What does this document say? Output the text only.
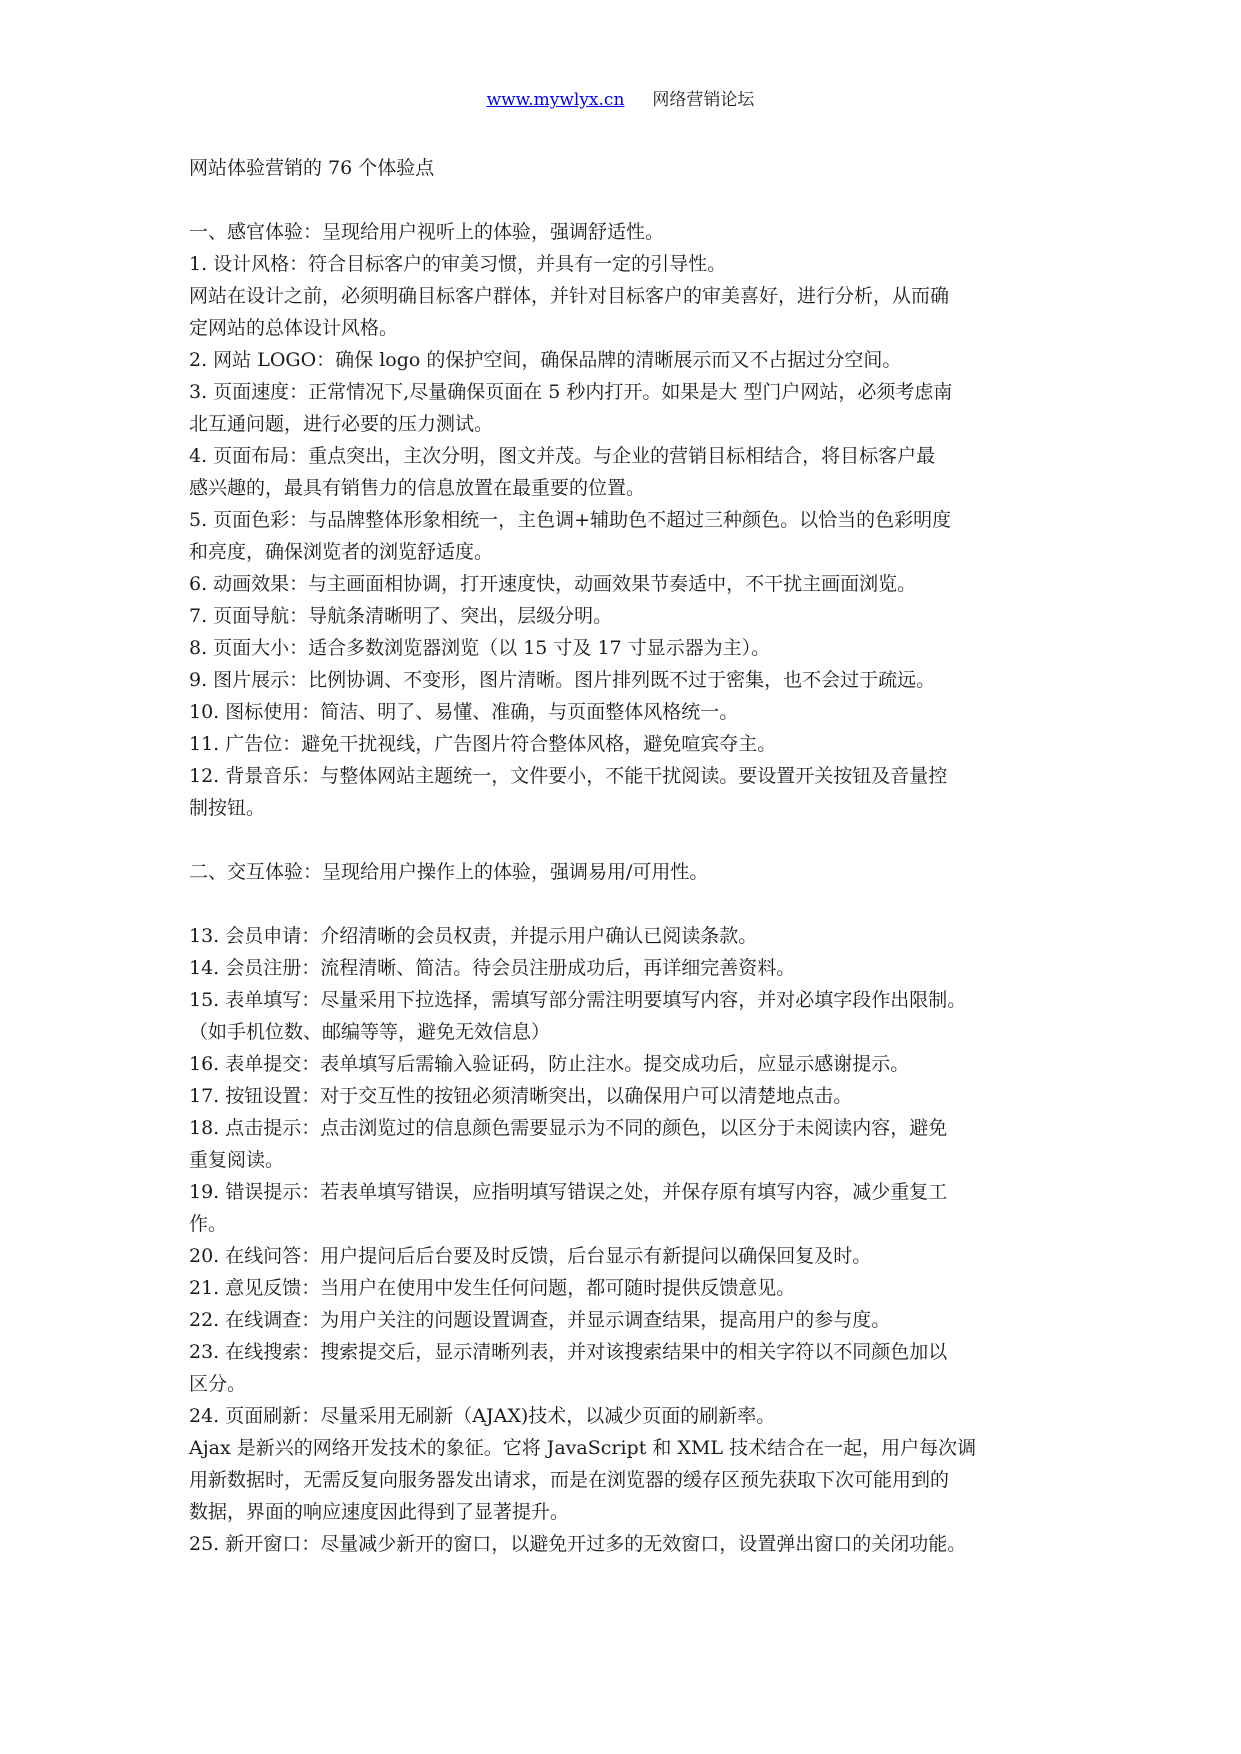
www.mywlyx.cn 网络营销论坛
网站体验营销的 76 个体验点
一、感官体验：呈现给用户视听上的体验，强调舒适性。
1. 设计风格：符合目标客户的审美习惯，并具有一定的引导性。
网站在设计之前，必须明确目标客户群体，并针对目标客户的审美喜好，进行分析，从而确
定网站的总体设计风格。
2. 网站 LOGO：确保 logo 的保护空间，确保品牌的清晰展示而又不占据过分空间。
3. 页面速度：正常情况下,尽量确保页面在 5 秒内打开。如果是大 型门户网站，必须考虑南
北互通问题，进行必要的压力测试。
4. 页面布局：重点突出，主次分明，图文并茂。与企业的营销目标相结合，将目标客户最
感兴趣的，最具有销售力的信息放置在最重要的位置。
5. 页面色彩：与品牌整体形象相统一，主色调+辅助色不超过三种颜色。以恰当的色彩明度
和亮度，确保浏览者的浏览舒适度。
6. 动画效果：与主画面相协调，打开速度快，动画效果节奏适中，不干扰主画面浏览。
7. 页面导航：导航条清晰明了、突出，层级分明。
8. 页面大小：适合多数浏览器浏览（以 15 寸及 17 寸显示器为主）。
9. 图片展示：比例协调、不变形，图片清晰。图片排列既不过于密集，也不会过于疏远。
10. 图标使用：简洁、明了、易懂、准确，与页面整体风格统一。
11. 广告位：避免干扰视线，广告图片符合整体风格，避免喧宾夺主。
12. 背景音乐：与整体网站主题统一，文件要小，不能干扰阅读。要设置开关按钮及音量控
制按钮。
二、交互体验：呈现给用户操作上的体验，强调易用/可用性。
13. 会员申请：介绍清晰的会员权责，并提示用户确认已阅读条款。
14. 会员注册：流程清晰、简洁。待会员注册成功后，再详细完善资料。
15. 表单填写：尽量采用下拉选择，需填写部分需注明要填写内容，并对必填字段作出限制。
（如手机位数、邮编等等，避免无效信息）
16. 表单提交：表单填写后需输入验证码，防止注水。提交成功后，应显示感谢提示。
17. 按钮设置：对于交互性的按钮必须清晰突出，以确保用户可以清楚地点击。
18. 点击提示：点击浏览过的信息颜色需要显示为不同的颜色，以区分于未阅读内容，避免
重复阅读。
19. 错误提示：若表单填写错误，应指明填写错误之处，并保存原有填写内容，减少重复工
作。
20. 在线问答：用户提问后后台要及时反馈，后台显示有新提问以确保回复及时。
21. 意见反馈：当用户在使用中发生任何问题，都可随时提供反馈意见。
22. 在线调查：为用户关注的问题设置调查，并显示调查结果，提高用户的参与度。
23. 在线搜索：搜索提交后，显示清晰列表，并对该搜索结果中的相关字符以不同颜色加以
区分。
24. 页面刷新：尽量采用无刷新（AJAX)技术，以减少页面的刷新率。
Ajax 是新兴的网络开发技术的象征。它将 JavaScript 和 XML 技术结合在一起，用户每次调
用新数据时，无需反复向服务器发出请求，而是在浏览器的缓存区预先获取下次可能用到的
数据，界面的响应速度因此得到了显著提升。
25. 新开窗口：尽量减少新开的窗口，以避免开过多的无效窗口，设置弹出窗口的关闭功能。
